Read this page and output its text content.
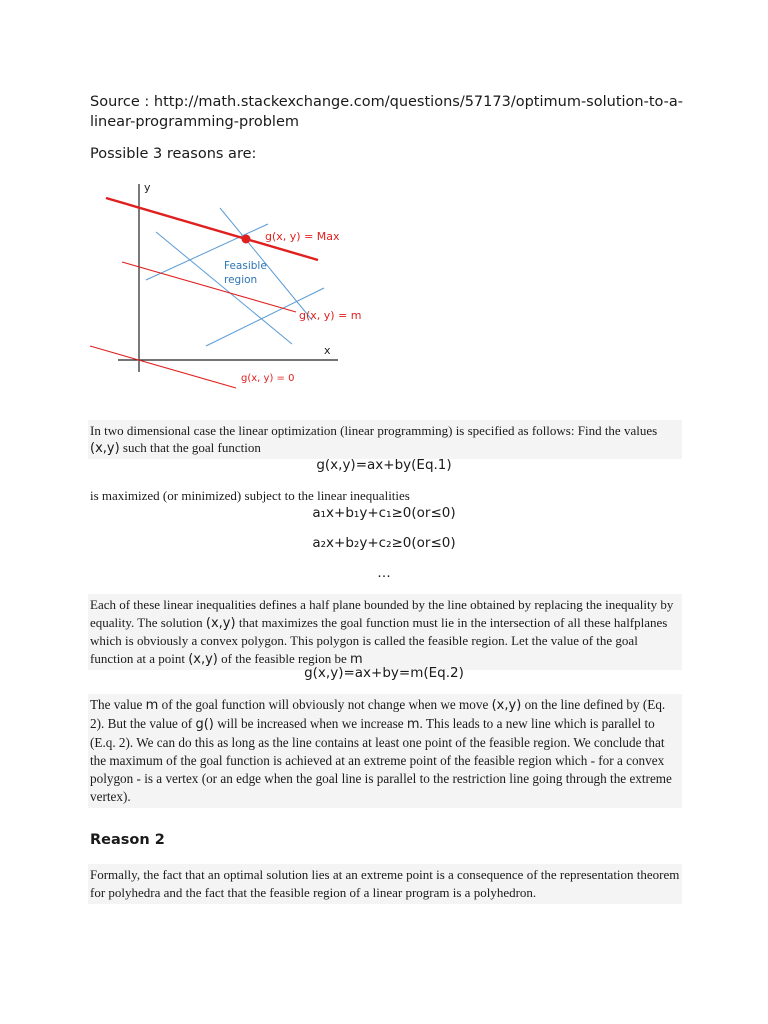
Source : http://math.stackexchange.com/questions/57173/optimum-solution-to-a-
linear-programming-problem
Possible 3 reasons are:
y
x
g(x, y) = Max
g(x, y) = m
g(x, y) = 0
Feasible
region
In two dimensional case the linear optimization (linear programming) is specified as follows: Find the values (x,y) such that the goal function
g(x,y)=ax+by(Eq.1)
is maximized (or minimized) subject to the linear inequalities
a₁x+b₁y+c₁≥0(or≤0)
a₂x+b₂y+c₂≥0(or≤0)
…
Each of these linear inequalities defines a half plane bounded by the line obtained by replacing the inequality by equality. The solution (x,y) that maximizes the goal function must lie in the intersection of all these halfplanes which is obviously a convex polygon. This polygon is called the feasible region. Let the value of the goal function at a point (x,y) of the feasible region be m
g(x,y)=ax+by=m(Eq.2)
The value m of the goal function will obviously not change when we move (x,y) on the line defined by (Eq. 2). But the value of g() will be increased when we increase m. This leads to a new line which is parallel to (E.q. 2). We can do this as long as the line contains at least one point of the feasible region. We conclude that the maximum of the goal function is achieved at an extreme point of the feasible region which - for a convex polygon - is a vertex (or an edge when the goal line is parallel to the restriction line going through the extreme vertex).
Reason 2
Formally, the fact that an optimal solution lies at an extreme point is a consequence of the representation theorem for polyhedra and the fact that the feasible region of a linear program is a polyhedron.
